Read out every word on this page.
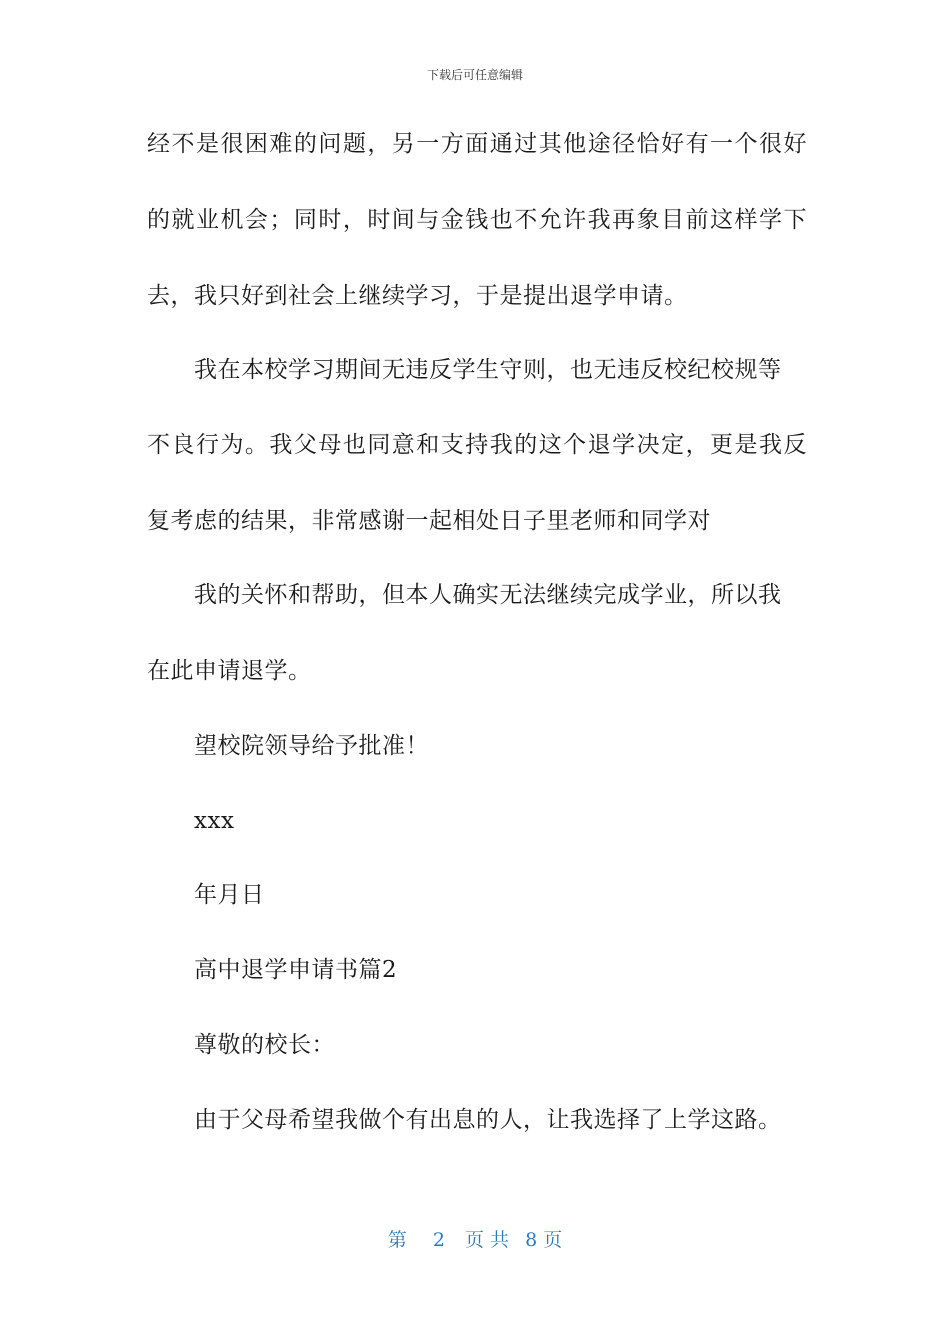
下载后可任意编辑
经不是很困难的问题，另一方面通过其他途径恰好有一个很好
的就业机会；同时，时间与金钱也不允许我再象目前这样学下
去，我只好到社会上继续学习，于是提出退学申请。
我在本校学习期间无违反学生守则，也无违反校纪校规等
不良行为。我父母也同意和支持我的这个退学决定，更是我反
复考虑的结果，非常感谢一起相处日子里老师和同学对
我的关怀和帮助，但本人确实无法继续完成学业，所以我
在此申请退学。
望校院领导给予批准！
xxx
年月日
高中退学申请书篇2
尊敬的校长：
由于父母希望我做个有出息的人，让我选择了上学这路。
第 2 页 共 8 页
